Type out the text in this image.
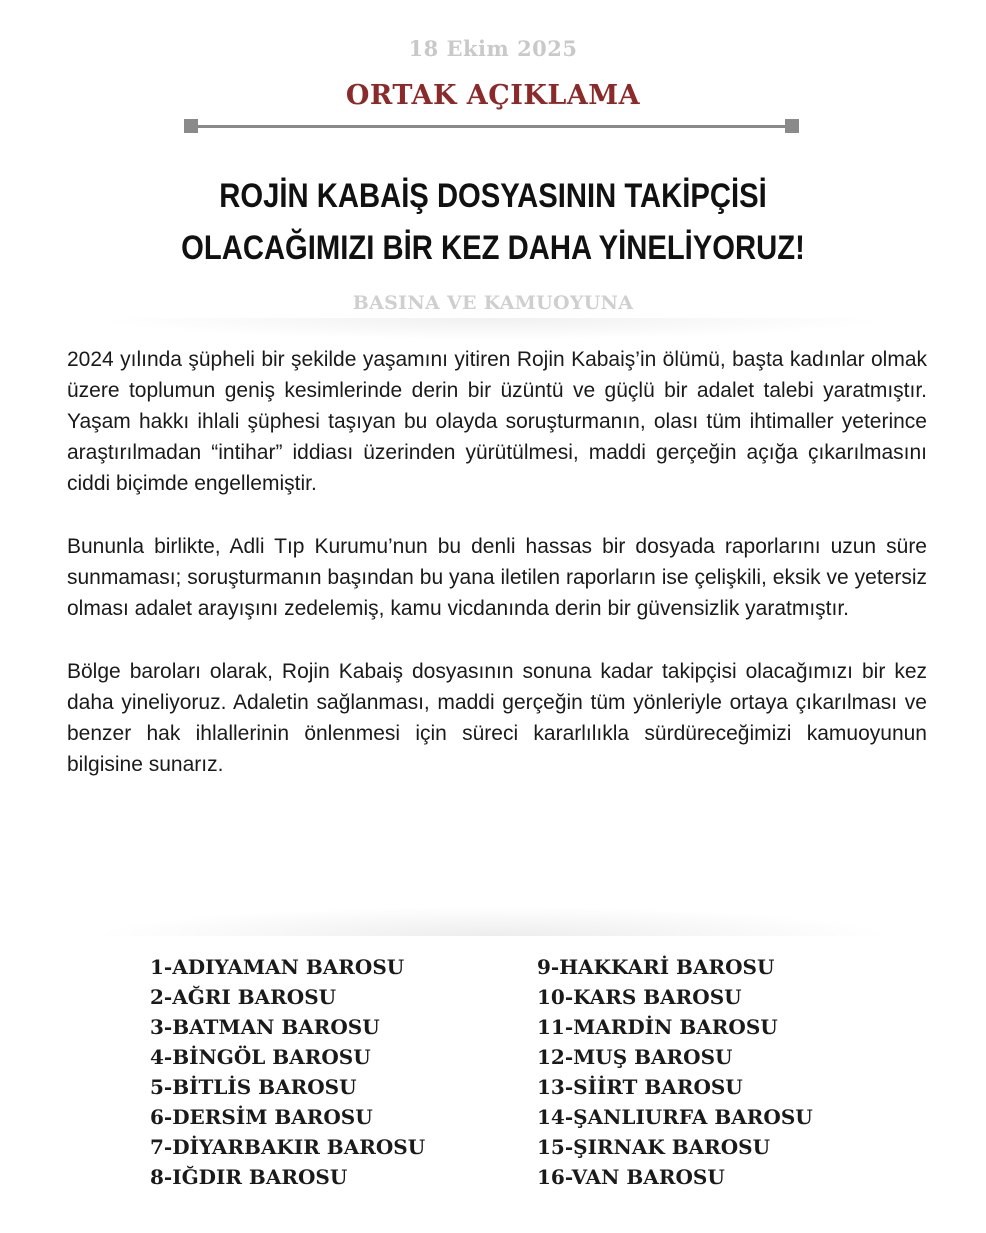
18 Ekim 2025
ORTAK AÇIKLAMA
ROJİN KABAİŞ DOSYASININ TAKİPÇİSİ
OLACAĞIMIZI BİR KEZ DAHA YİNELİYORUZ!
BASINA VE KAMUOYUNA

2024 yılında şüpheli bir şekilde yaşamını yitiren Rojin Kabaiş’in ölümü, başta kadınlar olmak üzere toplumun geniş kesimlerinde derin bir üzüntü ve güçlü bir adalet talebi yaratmıştır. Yaşam hakkı ihlali şüphesi taşıyan bu olayda soruşturmanın, olası tüm ihtimaller yeterince araştırılmadan “intihar” iddiası üzerinden yürütülmesi, maddi gerçeğin açığa çıkarılmasını ciddi biçimde engellemiştir.

Bununla birlikte, Adli Tıp Kurumu’nun bu denli hassas bir dosyada raporlarını uzun süre sunmaması; soruşturmanın başından bu yana iletilen raporların ise çelişkili, eksik ve yetersiz olması adalet arayışını zedelemiş, kamu vicdanında derin bir güvensizlik yaratmıştır.

Bölge baroları olarak, Rojin Kabaiş dosyasının sonuna kadar takipçisi olacağımızı bir kez daha yineliyoruz. Adaletin sağlanması, maddi gerçeğin tüm yönleriyle ortaya çıkarılması ve benzer hak ihlallerinin önlenmesi için süreci kararlılıkla sürdüreceğimizi kamuoyunun bilgisine sunarız.

1-ADIYAMAN BAROSU
2-AĞRI BAROSU
3-BATMAN BAROSU
4-BİNGÖL BAROSU
5-BİTLİS BAROSU
6-DERSİM BAROSU
7-DİYARBAKIR BAROSU
8-IĞDIR BAROSU
9-HAKKARİ BAROSU
10-KARS BAROSU
11-MARDİN BAROSU
12-MUŞ BAROSU
13-SİİRT BAROSU
14-ŞANLIURFA BAROSU
15-ŞIRNAK BAROSU
16-VAN BAROSU
